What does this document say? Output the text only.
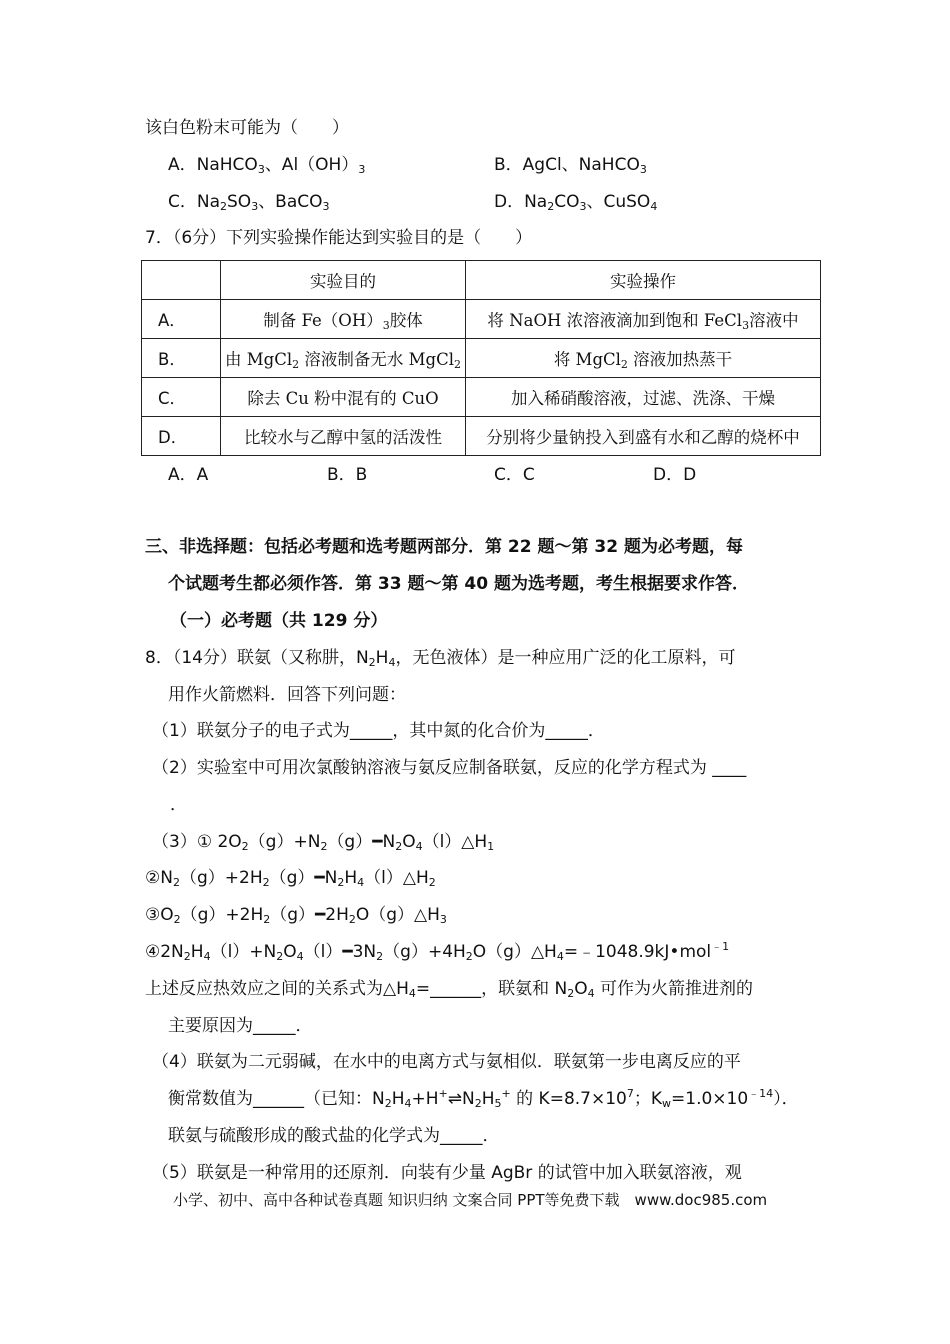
该白色粉末可能为（　　）
A．NaHCO$_3$、$Al(OH)_3$	B．AgCl、NaHCO$_3$
C．$Na_2SO_3$、BaCO$_3$	D．$Na_2CO_3$、CuSO$_4$
7．（6分）下列实验操作能达到实验目的是（　　）
	实验目的	实验操作
A．	制备 $Fe(OH)_3$胶体	将 NaOH 浓溶液滴加到饱和 FeCl$_3$溶液中
B．	由 MgCl$_2$ 溶液制备无水 MgCl$_2$	将 MgCl$_2$ 溶液加热蒸干
C．	除去 Cu 粉中混有的 CuO	加入稀硝酸溶液，过滤、洗涤、干燥
D．	比较水与乙醇中氢的活泼性	分别将少量钠投入到盛有水和乙醇的烧杯中
A．A	B．B	C．C	D．D
三、非选择题：包括必考题和选考题两部分．第 22 题～第 32 题为必考题，每
个试题考生都必须作答．第 33 题～第 40 题为选考题，考生根据要求作答．
（一）必考题（共 129 分）
8．（14分）联氨（又称肼，$N_2H_4$，无色液体）是一种应用广泛的化工原料，可
用作火箭燃料．回答下列问题：
（1）联氨分子的电子式为_____，其中氮的化合价为_____．
（2）实验室中可用次氯酸钠溶液与氨反应制备联氨，反应的化学方程式为 ____
．
（3）① $2O_2(g)+N_2(g)━N_2O_4(l)\triangle H_1$
$②N_2(g)+2H_2(g)━N_2H_4(l)\triangle H_2$
$③O_2(g)+2H_2(g)━2H_2O(g)\triangle H_3$
$④2N_2H_4(l)+N_2O_4(l)━3N_2(g)+4H_2O(g)\triangle H_4=﹣1048.9kJ•mol^{﹣1}$
上述反应热效应之间的关系式为$\triangle H_4=\_\_\_\_\_\_$，联氨和 $N_2O_4$ 可作为火箭推进剂的
主要原因为_____．
（4）联氨为二元弱碱，在水中的电离方式与氨相似．联氨第一步电离反应的平
衡常数值为______（已知：$N_2H_4+H^+\rightleftharpoons N_2H_5^+$ 的 $K=8.7\times 10^7$；$K_w=1.0\times 10^{﹣14}$）．
联氨与硫酸形成的酸式盐的化学式为_____．
（5）联氨是一种常用的还原剂．向装有少量 AgBr 的试管中加入联氨溶液，观
小学、初中、高中各种试卷真题 知识归纳 文案合同 PPT等免费下载　www.doc985.com
